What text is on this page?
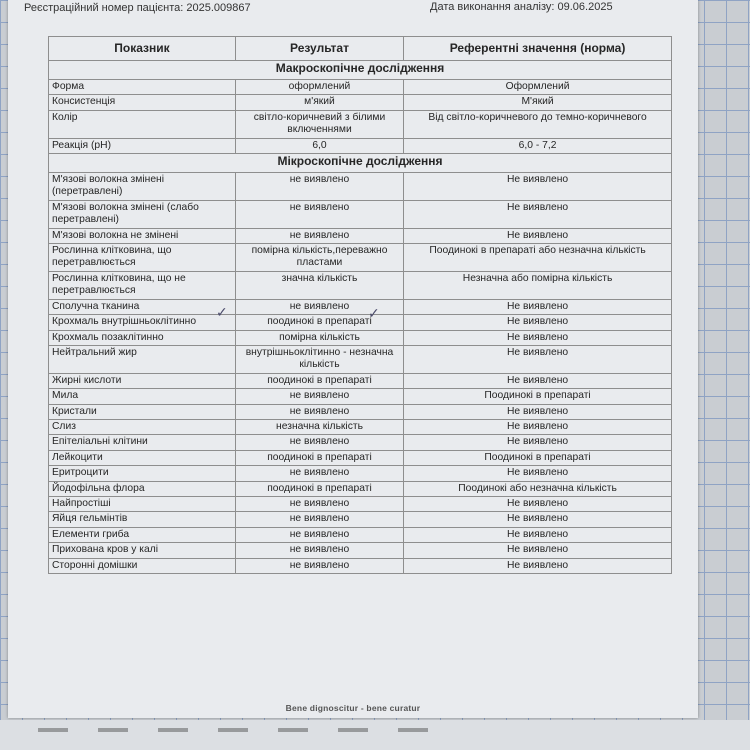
Реєстраційний номер пацієнта: 2025.009867	Дата виконання аналізу: 09.06.2025
Показник	Результат	Референтні значення (норма)
Макроскопічне дослідження		
Форма	оформлений	Оформлений
Консистенція	м'який	М'який
Колір	світло-коричневий з білими включеннями	Від світло-коричневого до темно-коричневого
Реакція (pH)	6,0	6,0 - 7,2
Мікроскопічне дослідження		
М'язові волокна змінені (перетравлені)	не виявлено	Не виявлено
М'язові волокна змінені (слабо перетравлені)	не виявлено	Не виявлено
М'язові волокна не змінені	не виявлено	Не виявлено
Рослинна клітковина, що перетравлюється	помірна кількість,переважно пластами	Поодинокі в препараті або незначна кількість
Рослинна клітковина, що не перетравлюється	значна кількість	Незначна або помірна кількість
Сполучна тканина	не виявлено	Не виявлено
Крохмаль внутрішньоклітинно	поодинокі в препараті	Не виявлено
Крохмаль позаклітинно	помірна кількість	Не виявлено
Нейтральний жир	внутрішньоклітинно - незначна кількість	Не виявлено
Жирні кислоти	поодинокі в препараті	Не виявлено
Мила	не виявлено	Поодинокі в препараті
Кристали	не виявлено	Не виявлено
Слиз	незначна кількість	Не виявлено
Епітеліальні клітини	не виявлено	Не виявлено
Лейкоцити	поодинокі в препараті	Поодинокі в препараті
Еритроцити	не виявлено	Не виявлено
Йодофільна флора	поодинокі в препараті	Поодинокі або незначна кількість
Найпростіші	не виявлено	Не виявлено
Яйця гельмінтів	не виявлено	Не виявлено
Елементи гриба	не виявлено	Не виявлено
Прихована кров у калі	не виявлено	Не виявлено
Сторонні домішки	не виявлено	Не виявлено
✓	✓
Bene dignoscitur - bene curatur
